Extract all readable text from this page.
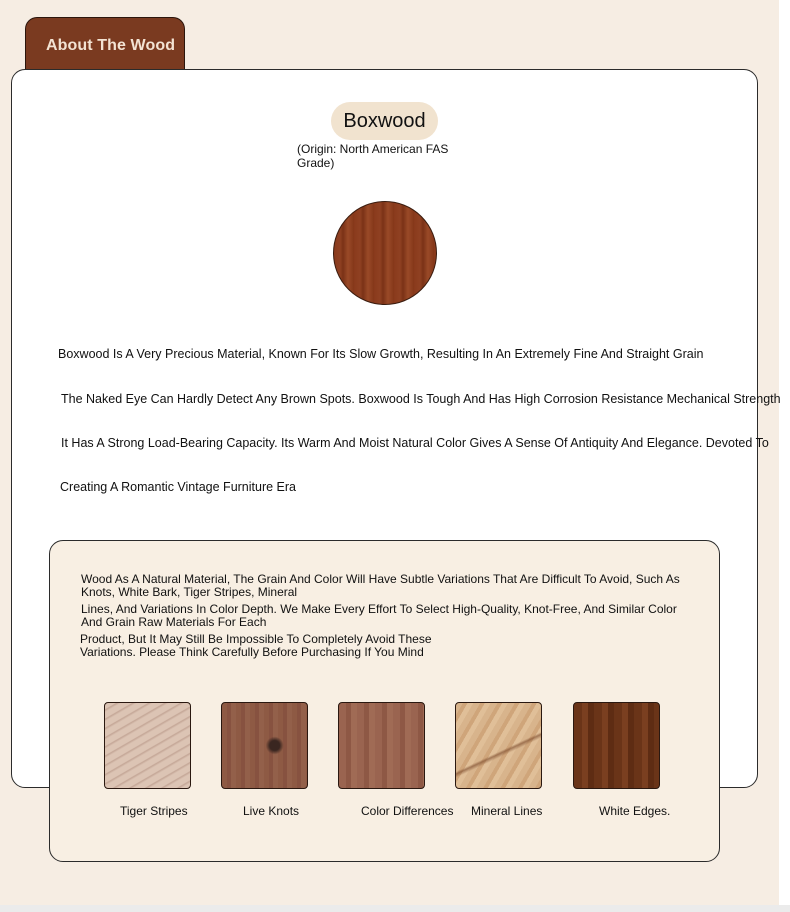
About The Wood
Boxwood
(Origin: North American FAS Grade)
Boxwood Is A Very Precious Material, Known For Its Slow Growth, Resulting In An Extremely Fine And Straight Grain
The Naked Eye Can Hardly Detect Any Brown Spots. Boxwood Is Tough And Has High Corrosion Resistance Mechanical Strength
It Has A Strong Load-Bearing Capacity. Its Warm And Moist Natural Color Gives A Sense Of Antiquity And Elegance. Devoted To
Creating A Romantic Vintage Furniture Era
Wood As A Natural Material, The Grain And Color Will Have Subtle Variations That Are Difficult To Avoid, Such As
Knots, White Bark, Tiger Stripes, Mineral
Lines, And Variations In Color Depth. We Make Every Effort To Select High-Quality, Knot-Free, And Similar Color
And Grain Raw Materials For Each
Product, But It May Still Be Impossible To Completely Avoid These
Variations. Please Think Carefully Before Purchasing If You Mind
Tiger Stripes	Live Knots	Color Differences Mineral Lines	White Edges.
